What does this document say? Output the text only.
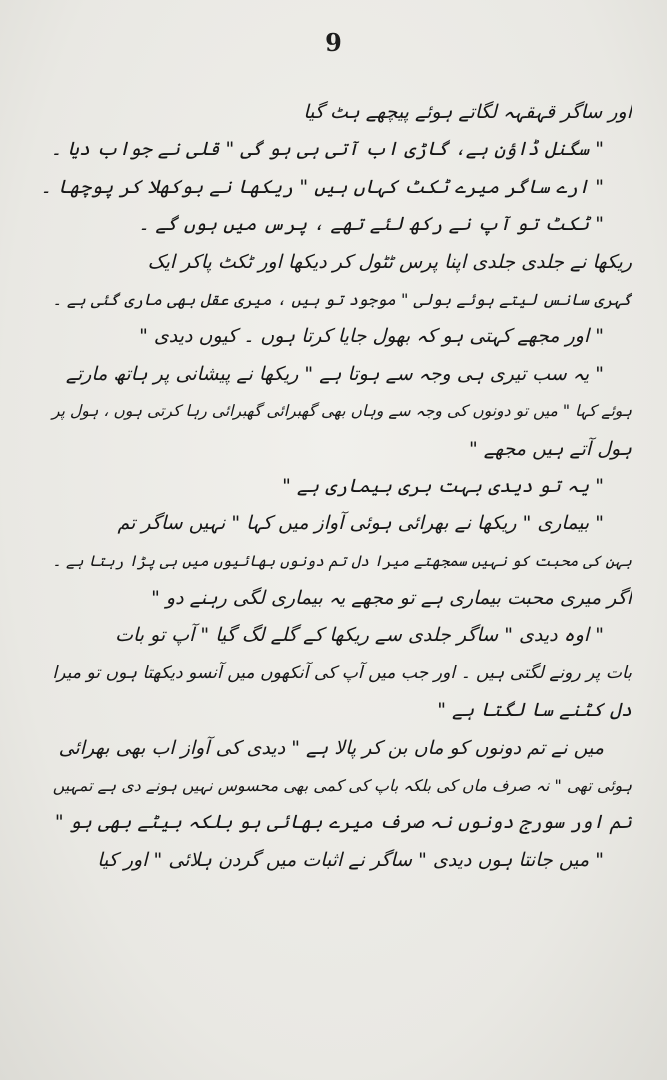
9
اور ساگر قہقہہ لگاتے ہوئے پیچھے ہٹ گیا
" سگنل ڈاؤن ہے، گاڑی اب آتی ہی ہو گی " قلی نے جواب دیا ۔
" ارے ساگر میرے ٹکٹ کہاں ہیں " ریکھا نے بوکھلا کر پوچھا ۔
" ٹکٹ تو آپ نے رکھ لئے تھے ، پرس میں ہوں گے ۔
ریکھا نے جلدی جلدی اپنا پرس ٹٹول کر دیکھا اور ٹکٹ پاکر ایک
گہری سانس لیتے ہوئے بولی " موجود تو ہیں ، میری عقل بھی ماری گئی ہے ۔
" اور مجھے کہتی ہو کہ بھول جایا کرتا ہوں ۔ کیوں دیدی "
" یہ سب تیری ہی وجہ سے ہوتا ہے " ریکھا نے پیشانی پر ہاتھ مارتے
ہوئے کہا " میں تو دونوں کی وجہ سے وہاں بھی گھبرائی گھبرائی رہا کرتی ہوں ، ہول پر
ہول آتے ہیں مجھے "
" یہ تو دیدی بہت بری بیماری ہے "
" بیماری " ریکھا نے بھرائی ہوئی آواز میں کہا " نہیں ساگر تم
بہن کی محبت کو نہیں سمجھتے میرا دل تم دونوں بھائیوں میں ہی پڑا رہتا ہے ۔
اگر میری محبت بیماری ہے تو مجھے یہ بیماری لگی رہنے دو "
" اوہ دیدی " ساگر جلدی سے ریکھا کے گلے لگ گیا " آپ تو بات
بات پر رونے لگتی ہیں ۔ اور جب میں آپ کی آنکھوں میں آنسو دیکھتا ہوں تو میرا
دل کٹنے سا لگتا ہے "
میں نے تم دونوں کو ماں بن کر پالا ہے " دیدی کی آواز اب بھی بھرائی
ہوئی تھی " نہ صرف ماں کی بلکہ باپ کی کمی بھی محسوس نہیں ہونے دی ہے تمہیں
تم اور سورج دونوں نہ صرف میرے بھائی ہو بلکہ بیٹے بھی ہو "
" میں جانتا ہوں دیدی " ساگر نے اثبات میں گردن ہلائی " اور کیا
